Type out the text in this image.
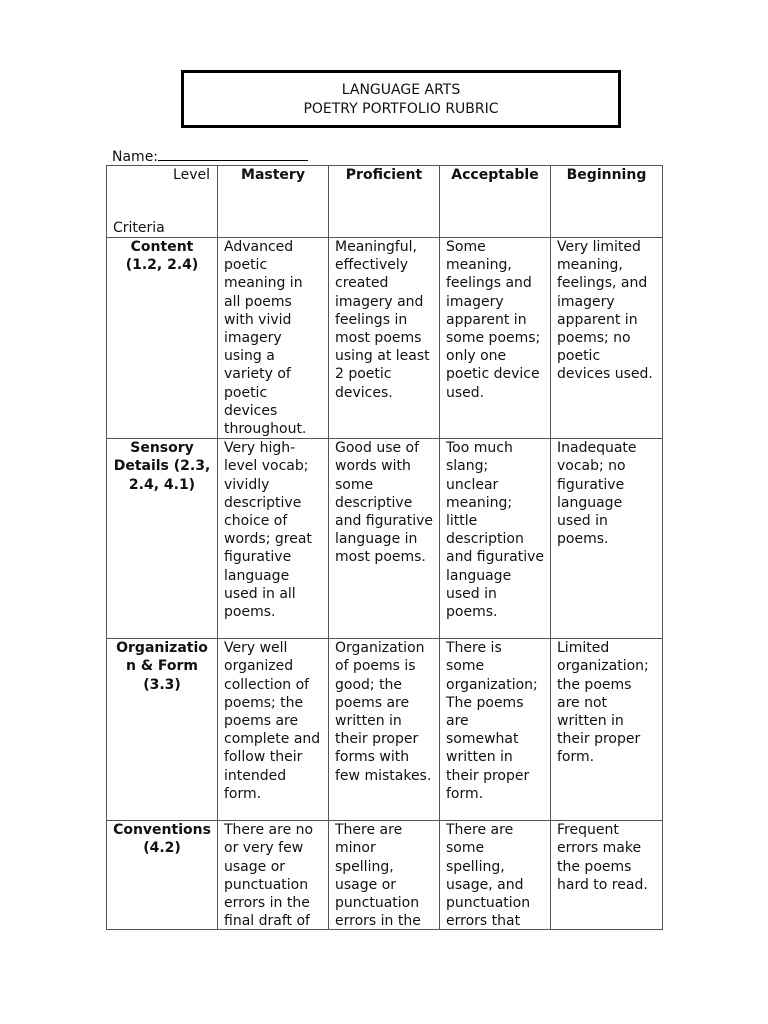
LANGUAGE ARTS
POETRY PORTFOLIO RUBRIC
Name:
Level
Criteria	Mastery	Proficient	Acceptable	Beginning
Content (1.2, 2.4)	Advanced poetic meaning in all poems with vivid imagery using a variety of poetic devices throughout.	Meaningful, effectively created imagery and feelings in most poems using at least 2 poetic devices.	Some meaning, feelings and imagery apparent in some poems; only one poetic device used.	Very limited meaning, feelings, and imagery apparent in poems; no poetic devices used.
Sensory Details (2.3, 2.4, 4.1)	Very high-level vocab; vividly descriptive choice of words; great figurative language used in all poems.	Good use of words with some descriptive and figurative language in most poems.	Too much slang; unclear meaning; little description and figurative language used in poems.	Inadequate vocab; no figurative language used in poems.
Organization & Form (3.3)	Very well organized collection of poems; the poems are complete and follow their intended form.	Organization of poems is good; the poems are written in their proper forms with few mistakes.	There is some organization; The poems are somewhat written in their proper form.	Limited organization; the poems are not written in their proper form.

Conventions (4.2)	There are no or very few usage or punctuation errors in the final draft of	There are minor spelling, usage or punctuation errors in the	There are some spelling, usage, and punctuation errors that	Frequent errors make the poems hard to read.
